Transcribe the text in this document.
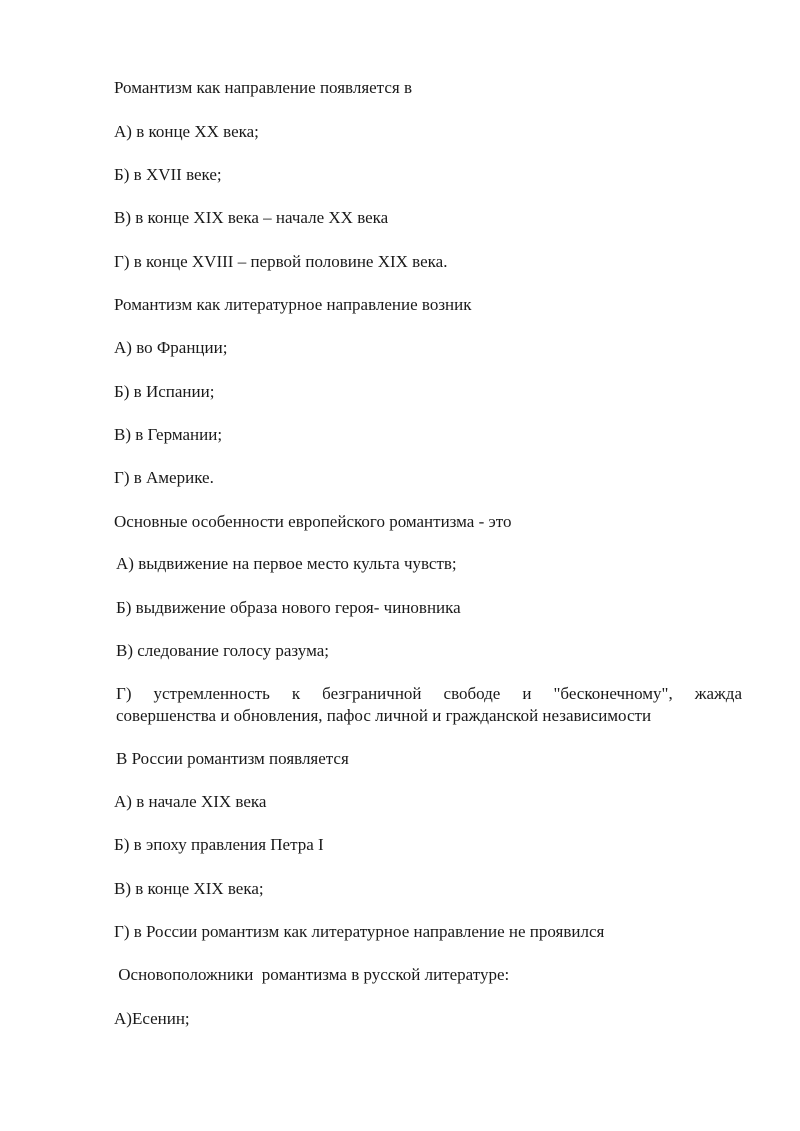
Романтизм как направление появляется в
А) в конце ХХ века;
Б) в XVII веке;
В) в конце XIX века – начале ХХ века
Г) в конце XVIII – первой половине XIX века.
Романтизм как литературное направление возник
А) во Франции;
Б) в Испании;
В) в Германии;
Г) в Америке.
Основные особенности европейского романтизма - это
А) выдвижение на первое место культа чувств;
Б) выдвижение образа нового героя- чиновника
В) следование голосу разума;
Г) устремленность к безграничной свободе и "бесконечному", жажда
совершенства и обновления, пафос личной и гражданской независимости
В России романтизм появляется
А) в начале XIX века
Б) в эпоху правления Петра I
В) в конце XIX века;
Г) в России романтизм как литературное направление не проявился
Основоположники  романтизма в русской литературе:
А)Есенин;
